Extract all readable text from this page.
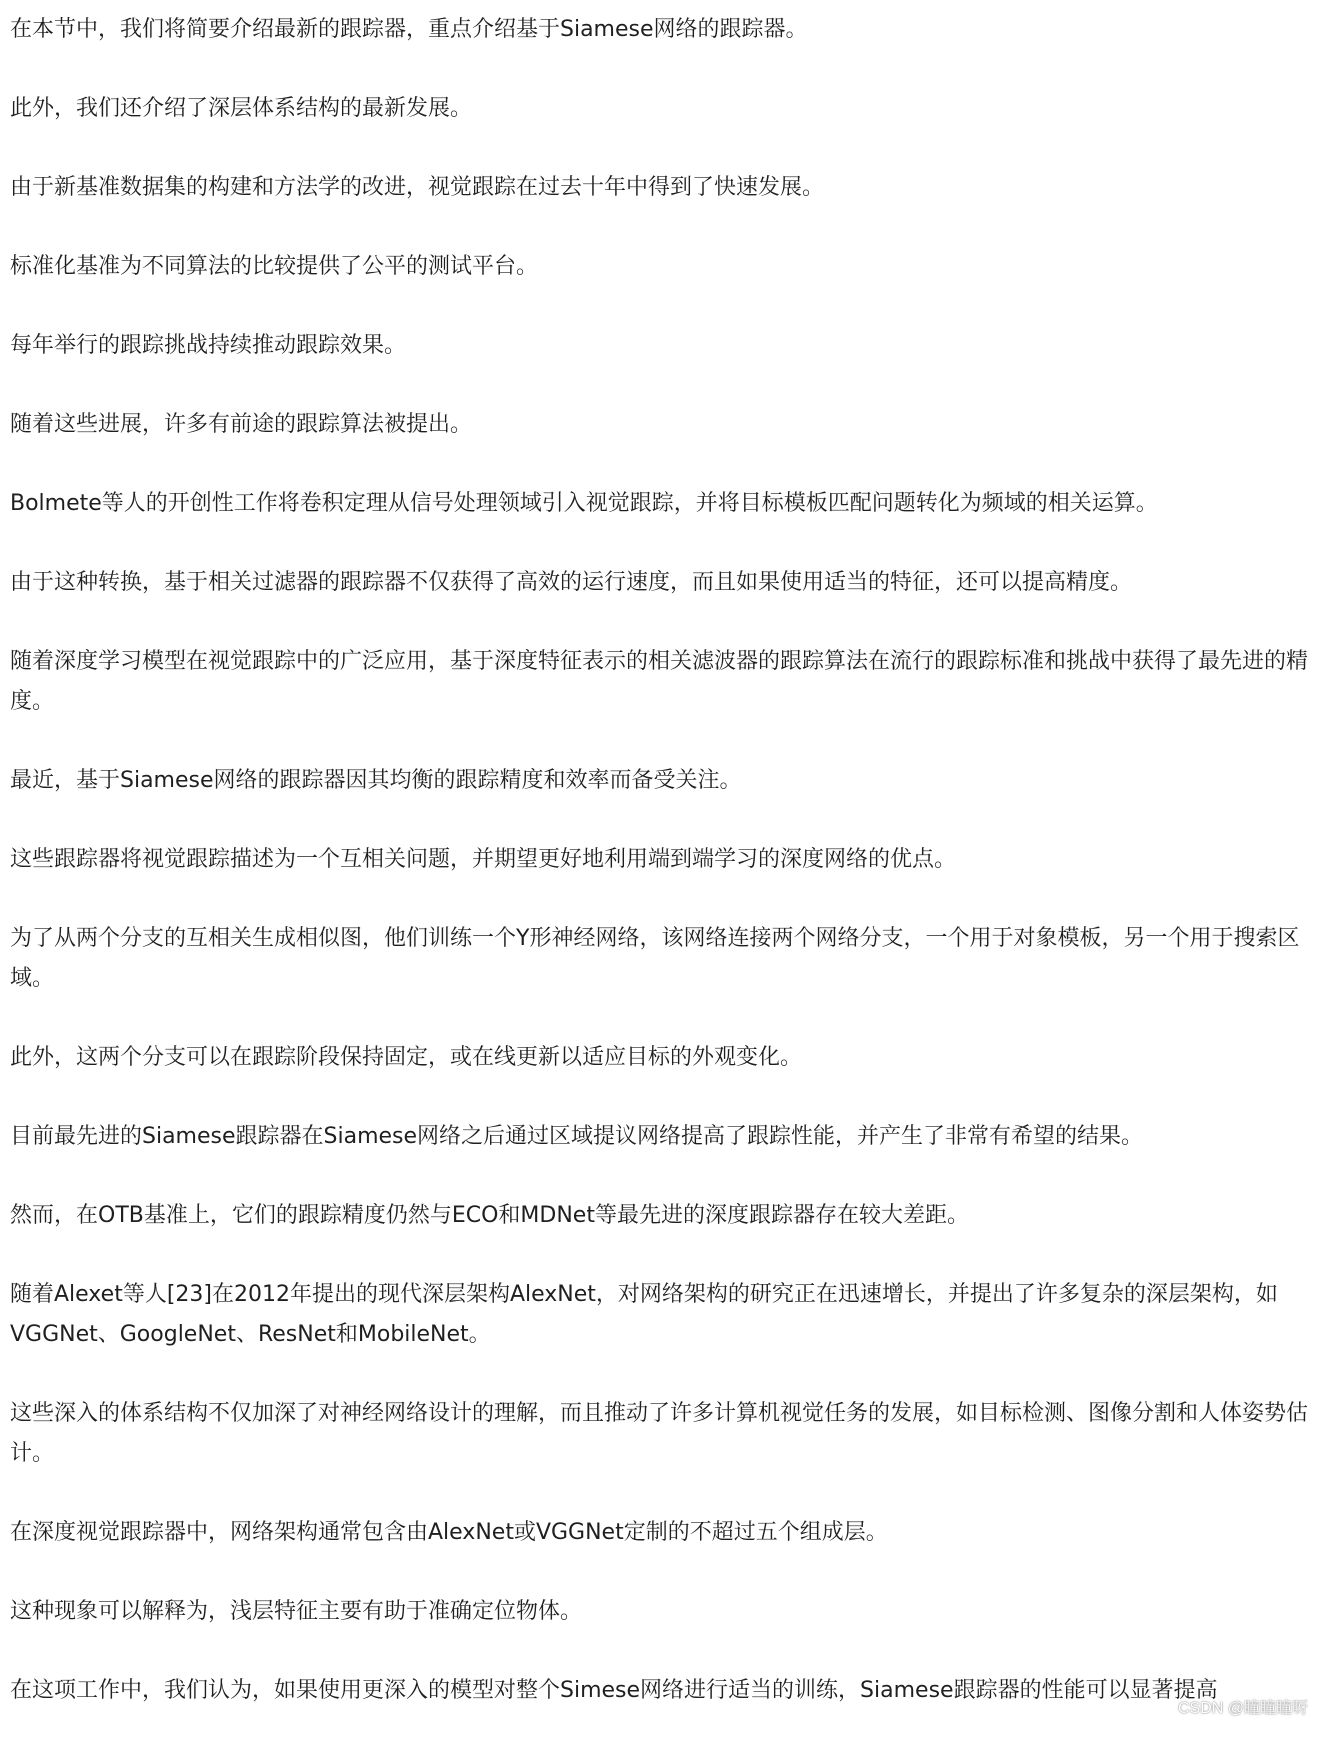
在本节中，我们将简要介绍最新的跟踪器，重点介绍基于Siamese网络的跟踪器。

此外，我们还介绍了深层体系结构的最新发展。

由于新基准数据集的构建和方法学的改进，视觉跟踪在过去十年中得到了快速发展。

标准化基准为不同算法的比较提供了公平的测试平台。

每年举行的跟踪挑战持续推动跟踪效果。

随着这些进展，许多有前途的跟踪算法被提出。

Bolmete等人的开创性工作将卷积定理从信号处理领域引入视觉跟踪，并将目标模板匹配问题转化为频域的相关运算。

由于这种转换，基于相关过滤器的跟踪器不仅获得了高效的运行速度，而且如果使用适当的特征，还可以提高精度。

随着深度学习模型在视觉跟踪中的广泛应用，基于深度特征表示的相关滤波器的跟踪算法在流行的跟踪标准和挑战中获得了最先进的精度。

最近，基于Siamese网络的跟踪器因其均衡的跟踪精度和效率而备受关注。

这些跟踪器将视觉跟踪描述为一个互相关问题，并期望更好地利用端到端学习的深度网络的优点。

为了从两个分支的互相关生成相似图，他们训练一个Y形神经网络，该网络连接两个网络分支，一个用于对象模板，另一个用于搜索区域。

此外，这两个分支可以在跟踪阶段保持固定，或在线更新以适应目标的外观变化。

目前最先进的Siamese跟踪器在Siamese网络之后通过区域提议网络提高了跟踪性能，并产生了非常有希望的结果。

然而，在OTB基准上，它们的跟踪精度仍然与ECO和MDNet等最先进的深度跟踪器存在较大差距。

随着Alexet等人[23]在2012年提出的现代深层架构AlexNet，对网络架构的研究正在迅速增长，并提出了许多复杂的深层架构，如VGGNet、GoogleNet、ResNet和MobileNet。

这些深入的体系结构不仅加深了对神经网络设计的理解，而且推动了许多计算机视觉任务的发展，如目标检测、图像分割和人体姿势估计。

在深度视觉跟踪器中，网络架构通常包含由AlexNet或VGGNet定制的不超过五个组成层。

这种现象可以解释为，浅层特征主要有助于准确定位物体。

在这项工作中，我们认为，如果使用更深入的模型对整个Simese网络进行适当的训练，Siamese跟踪器的性能可以显著提高

CSDN @瞳瞳瞳呀
